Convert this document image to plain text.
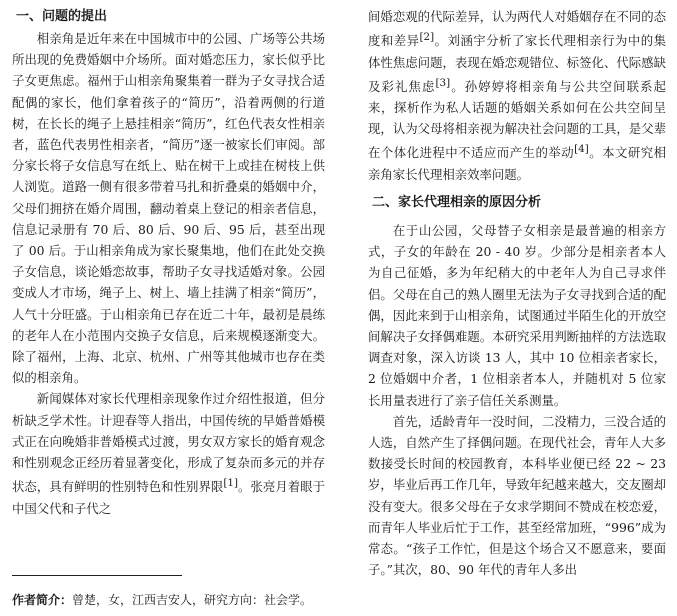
一、问题的提出

相亲角是近年来在中国城市中的公园、广场等公共场所出现的免费婚姻中介场所。面对婚恋压力，家长似乎比子女更焦虑。福州于山相亲角聚集着一群为子女寻找合适配偶的家长，他们拿着孩子的“简历”，沿着两侧的行道树，在长长的绳子上悬挂相亲“简历”，红色代表女性相亲者，蓝色代表男性相亲者，“简历”逐一被家长们审阅。部分家长将子女信息写在纸上、贴在树干上或挂在树枝上供人浏览。道路一侧有很多带着马扎和折叠桌的婚姻中介，父母们拥挤在婚介周围，翻动着桌上登记的相亲者信息，信息记录册有 70 后、80 后、90 后、95 后，甚至出现了 00 后。于山相亲角成为家长聚集地，他们在此处交换子女信息，谈论婚恋故事，帮助子女寻找适婚对象。公园变成人才市场，绳子上、树上、墙上挂满了相亲“简历”，人气十分旺盛。于山相亲角已存在近二十年，最初是晨练的老年人在小范围内交换子女信息，后来规模逐渐变大。除了福州，上海、北京、杭州、广州等其他城市也存在类似的相亲角。

新闻媒体对家长代理相亲现象作过介绍性报道，但分析缺乏学术性。计迎春等人指出，中国传统的早婚普婚模式正在向晚婚非普婚模式过渡，男女双方家长的婚育观念和性别观念正经历着显著变化，形成了复杂而多元的并存状态，具有鲜明的性别特色和性别界限[1]。张亮月着眼于中国父代和子代之

间婚恋观的代际差异，认为两代人对婚姻存在不同的态度和差异[2]。刘涵宇分析了家长代理相亲行为中的集体性焦虑问题，表现在婚恋观错位、标签化、代际感缺及彩礼焦虑[3]。孙婷婷将相亲角与公共空间联系起来，探析作为私人话题的婚姻关系如何在公共空间呈现，认为父母将相亲视为解决社会问题的工具，是父辈在个体化进程中不适应而产生的举动[4]。本文研究相亲角家长代理相亲效率问题。

二、家长代理相亲的原因分析

在于山公园，父母替子女相亲是最普遍的相亲方式，子女的年龄在 20 - 40 岁。少部分是相亲者本人为自己征婚，多为年纪稍大的中老年人为自己寻求伴侣。父母在自己的熟人圈里无法为子女寻找到合适的配偶，因此来到于山相亲角，试图通过半陌生化的开放空间解决子女择偶难题。本研究采用判断抽样的方法选取调查对象，深入访谈 13 人，其中 10 位相亲者家长，2 位婚姻中介者，1 位相亲者本人，并随机对 5 位家长用量表进行了亲子信任关系测量。

首先，适龄青年一没时间，二没精力，三没合适的人选，自然产生了择偶问题。在现代社会，青年人大多数接受长时间的校园教育，本科毕业便已经 22 ~ 23 岁，毕业后再工作几年，导致年纪越来越大，交友圈却没有变大。很多父母在子女求学期间不赞成在校恋爱，而青年人毕业后忙于工作，甚至经常加班，“996”成为常态。“孩子工作忙，但是这个场合又不愿意来，要面子。”其次，80、90 年代的青年人多出

作者简介：曾楚，女，江西吉安人，研究方向：社会学。
